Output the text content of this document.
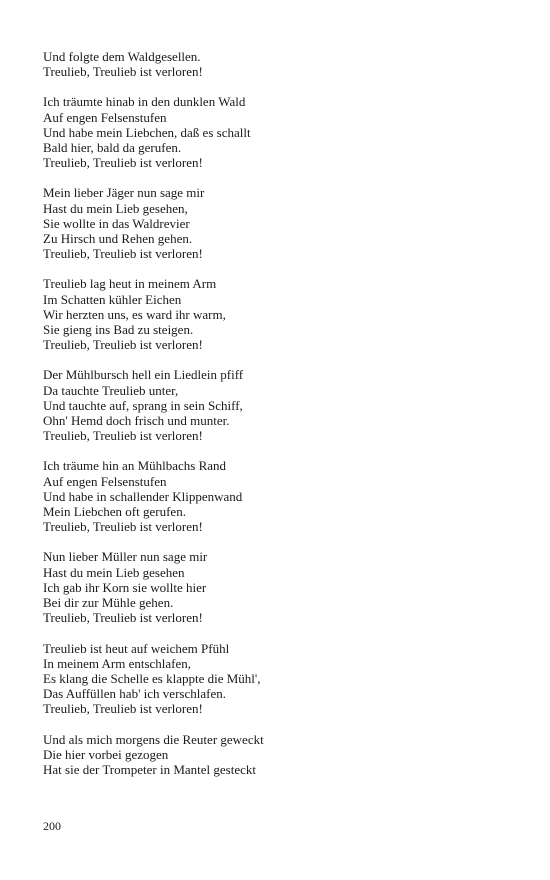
Und folgte dem Waldgesellen.
Treulieb, Treulieb ist verloren!
Ich träumte hinab in den dunklen Wald
Auf engen Felsenstufen
Und habe mein Liebchen, daß es schallt
Bald hier, bald da gerufen.
Treulieb, Treulieb ist verloren!
Mein lieber Jäger nun sage mir
Hast du mein Lieb gesehen,
Sie wollte in das Waldrevier
Zu Hirsch und Rehen gehen.
Treulieb, Treulieb ist verloren!
Treulieb lag heut in meinem Arm
Im Schatten kühler Eichen
Wir herzten uns, es ward ihr warm,
Sie gieng ins Bad zu steigen.
Treulieb, Treulieb ist verloren!
Der Mühlbursch hell ein Liedlein pfiff
Da tauchte Treulieb unter,
Und tauchte auf, sprang in sein Schiff,
Ohn' Hemd doch frisch und munter.
Treulieb, Treulieb ist verloren!
Ich träume hin an Mühlbachs Rand
Auf engen Felsenstufen
Und habe in schallender Klippenwand
Mein Liebchen oft gerufen.
Treulieb, Treulieb ist verloren!
Nun lieber Müller nun sage mir
Hast du mein Lieb gesehen
Ich gab ihr Korn sie wollte hier
Bei dir zur Mühle gehen.
Treulieb, Treulieb ist verloren!
Treulieb ist heut auf weichem Pfühl
In meinem Arm entschlafen,
Es klang die Schelle es klappte die Mühl',
Das Auffüllen hab' ich verschlafen.
Treulieb, Treulieb ist verloren!
Und als mich morgens die Reuter geweckt
Die hier vorbei gezogen
Hat sie der Trompeter in Mantel gesteckt
200
